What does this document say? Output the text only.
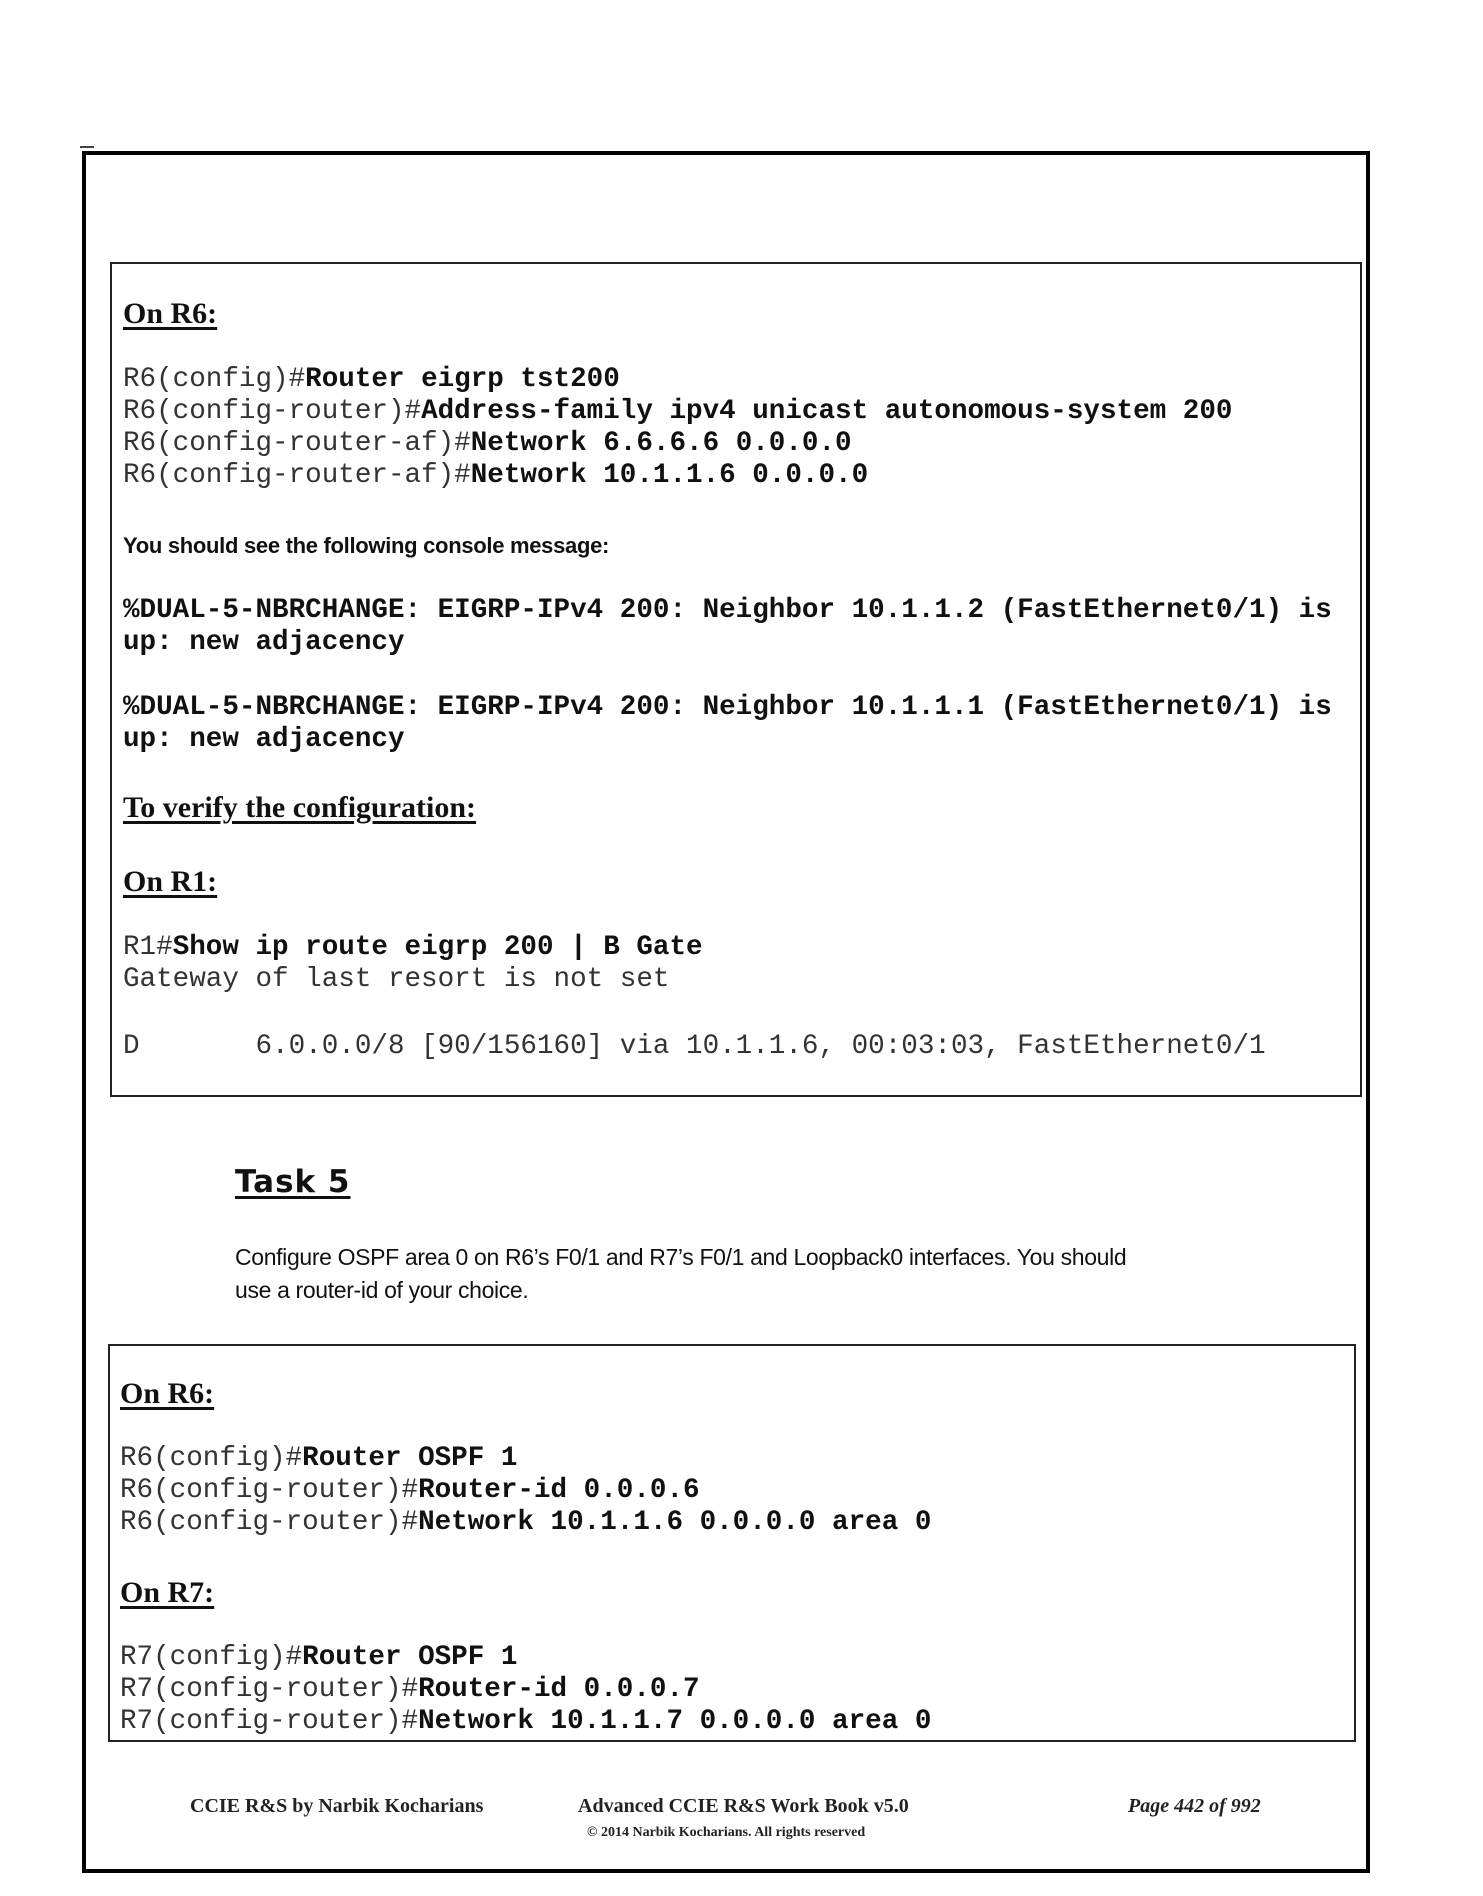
On R6:
R6(config)#Router eigrp tst200
R6(config-router)#Address-family ipv4 unicast autonomous-system 200
R6(config-router-af)#Network 6.6.6.6 0.0.0.0
R6(config-router-af)#Network 10.1.1.6 0.0.0.0
You should see the following console message:
%DUAL-5-NBRCHANGE: EIGRP-IPv4 200: Neighbor 10.1.1.2 (FastEthernet0/1) is
up: new adjacency
%DUAL-5-NBRCHANGE: EIGRP-IPv4 200: Neighbor 10.1.1.1 (FastEthernet0/1) is
up: new adjacency
To verify the configuration:
On R1:
R1#Show ip route eigrp 200 | B Gate
Gateway of last resort is not set
D       6.0.0.0/8 [90/156160] via 10.1.1.6, 00:03:03, FastEthernet0/1
Task 5
Configure OSPF area 0 on R6’s F0/1 and R7’s F0/1 and Loopback0 interfaces. You should
use a router-id of your choice.
On R6:
R6(config)#Router OSPF 1
R6(config-router)#Router-id 0.0.0.6
R6(config-router)#Network 10.1.1.6 0.0.0.0 area 0
On R7:
R7(config)#Router OSPF 1
R7(config-router)#Router-id 0.0.0.7
R7(config-router)#Network 10.1.1.7 0.0.0.0 area 0
CCIE R&S by Narbik Kocharians	Advanced CCIE R&S Work Book v5.0
© 2014 Narbik Kocharians. All rights reserved
Page 442 of 992
